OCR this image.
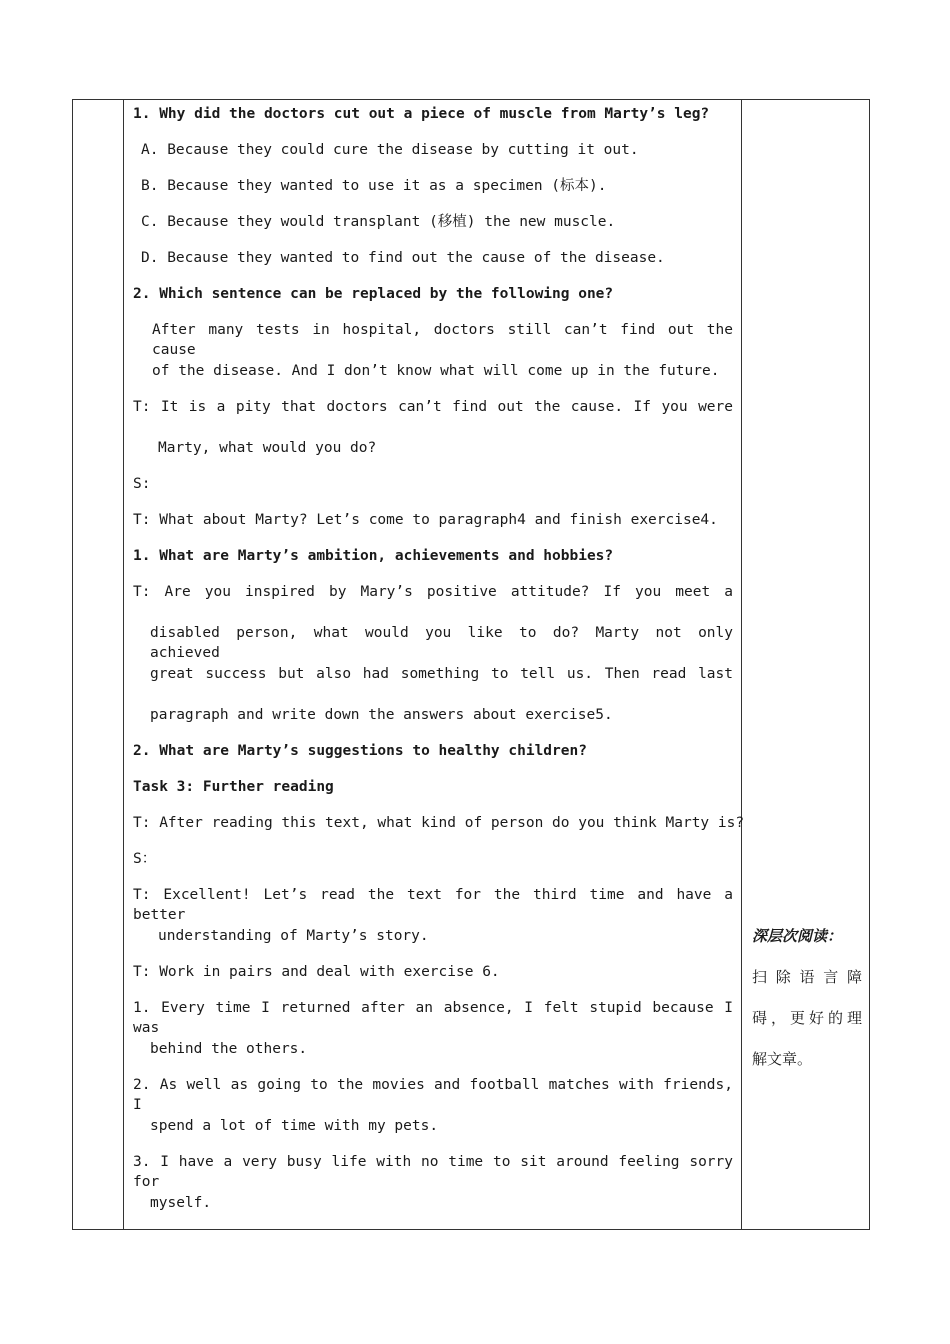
1. Why did the doctors cut out a piece of muscle from Marty’s leg?
A. Because they could cure the disease by cutting it out.
B. Because they wanted to use it as a specimen (标本).
C. Because they would transplant (移植) the new muscle.
D. Because they wanted to find out the cause of the disease.
2. Which sentence can be replaced by the following one?
After many tests in hospital, doctors still can’t find out the cause
of the disease. And I don’t know what will come up in the future.
T: It is a pity that doctors can’t find out the cause. If you were
Marty, what would you do?
S:
T: What about Marty? Let’s come to paragraph4 and finish exercise4.
1. What are Marty’s ambition, achievements and hobbies?
T: Are you inspired by Mary’s positive attitude? If you meet a
disabled person, what would you like to do? Marty not only achieved
great success but also had something to tell us. Then read last
paragraph and write down the answers about exercise5.
2. What are Marty’s suggestions to healthy children?
Task 3: Further reading
T: After reading this text, what kind of person do you think Marty is?
S：
T: Excellent! Let’s read the text for the third time and have a better
understanding of Marty’s story.
T: Work in pairs and deal with exercise 6.
1. Every time I returned after an absence, I felt stupid because I was
behind the others.
2. As well as going to the movies and football matches with friends, I
spend a lot of time with my pets.
3. I have a very busy life with no time to sit around feeling sorry for
myself.
深层次阅读：
扫除语言障
碍，更好的理
解文章。
